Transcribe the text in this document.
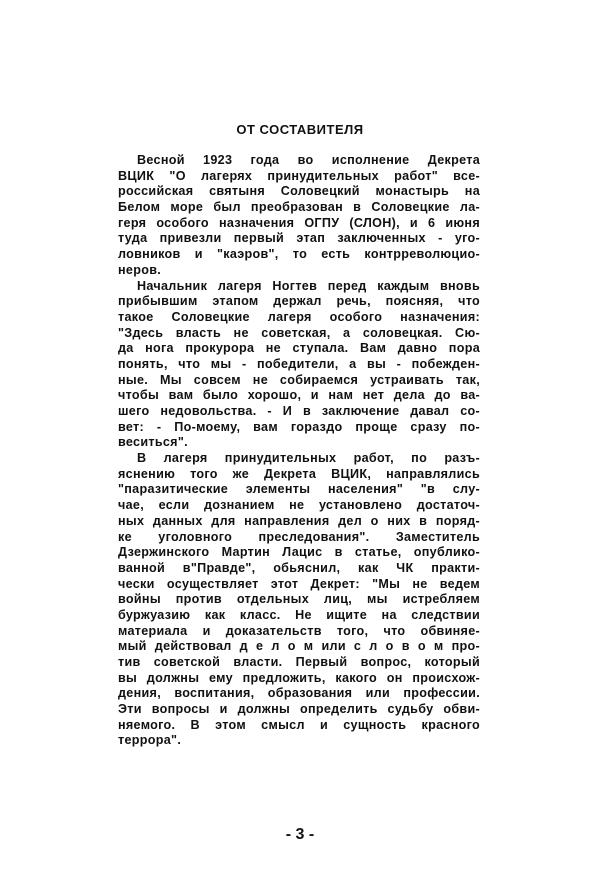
ОТ СОСТАВИТЕЛЯ
Весной 1923 года во исполнение Декрета
ВЦИК "О лагерях принудительных работ" все-
российская святыня Соловецкий монастырь на
Белом море был преобразован в Соловецкие ла-
геря особого назначения ОГПУ (СЛОН), и 6 июня
туда привезли первый этап заключенных - уго-
ловников и "каэров", то есть контрреволюцио-
неров.
Начальник лагеря Ногтев перед каждым вновь
прибывшим этапом держал речь, поясняя, что
такое Соловецкие лагеря особого назначения:
"Здесь власть не советская, а соловецкая. Сю-
да нога прокурора не ступала. Вам давно пора
понять, что мы - победители, а вы - побежден-
ные. Мы совсем не собираемся устраивать так,
чтобы вам было хорошо, и нам нет дела до ва-
шего недовольства. - И в заключение давал со-
вет: - По-моему, вам гораздо проще сразу по-
веситься".
В лагеря принудительных работ, по разъ-
яснению того же Декрета ВЦИК, направлялись
"паразитические элементы населения" "в слу-
чае, если дознанием не установлено достаточ-
ных данных для направления дел о них в поряд-
ке уголовного преследования". Заместитель
Дзержинского Мартин Лацис в статье, опублико-
ванной в"Правде", обьяснил, как ЧК практи-
чески осуществляет этот Декрет: "Мы не ведем
войны против отдельных лиц, мы истребляем
буржуазию как класс. Не ищите на следствии
материала и доказательств того, что обвиняе-
мый действовал д е л о м или с л о в о м про-
тив советской власти. Первый вопрос, который
вы должны ему предложить, какого он происхож-
дения, воспитания, образования или профессии.
Эти вопросы и должны определить судьбу обви-
няемого. В этом смысл и сущность красного
террора".
- 3 -
